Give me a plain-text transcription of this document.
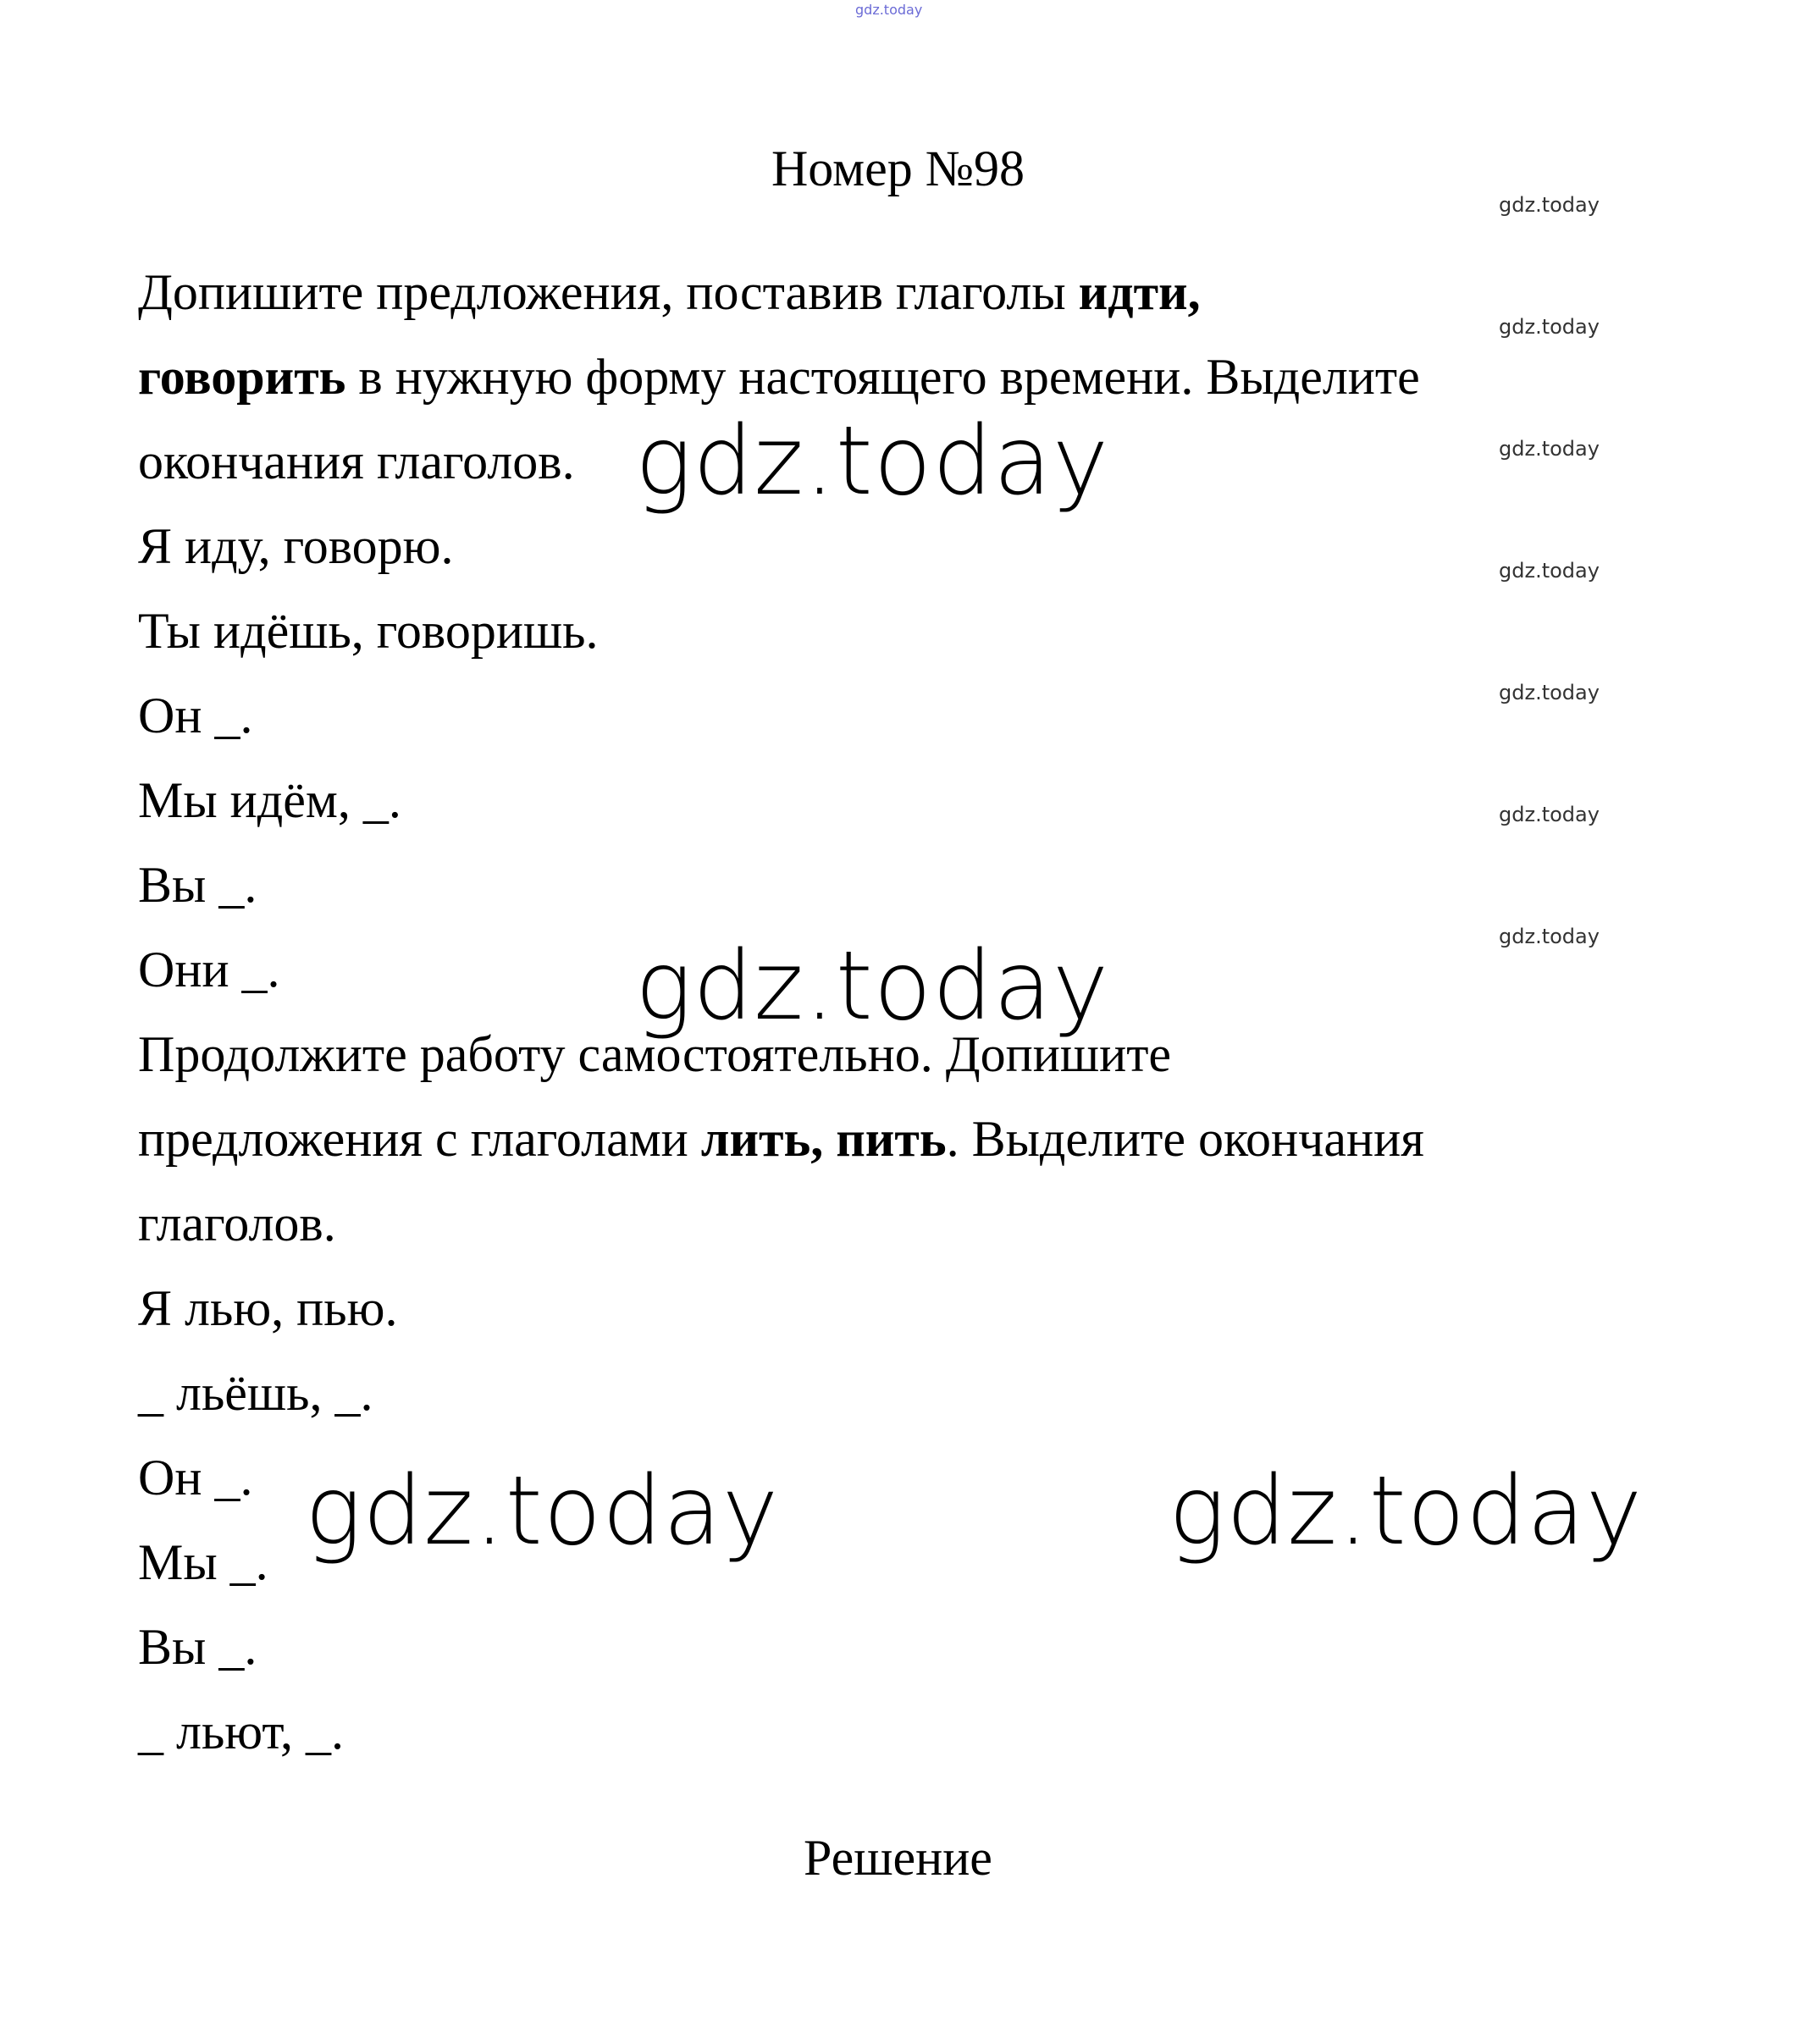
gdz.today
Номер №98
gdz.today
gdz.today
gdz.today
gdz.today
gdz.today
gdz.today
gdz.today
Допишите предложения, поставив глаголы идти,
говорить в нужную форму настоящего времени. Выделите
окончания глаголов.
Я иду, говорю.
Ты идёшь, говоришь.
Он _.
Мы идём, _.
Вы _.
Они _.
Продолжите работу самостоятельно. Допишите
предложения с глаголами лить, пить. Выделите окончания
глаголов.
Я лью, пью.
_ льёшь, _.
Он _.
Мы _.
Вы _.
_ льют, _.
Решение
gdz.today
gdz.today
gdz.today	gdz.today
